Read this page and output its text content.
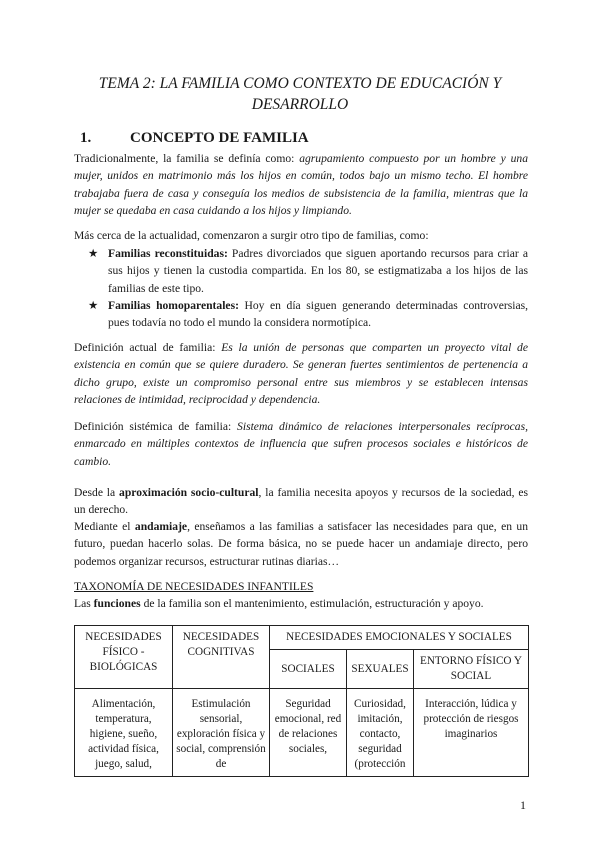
TEMA 2: LA FAMILIA COMO CONTEXTO DE EDUCACIÓN Y DESARROLLO
1.	CONCEPTO DE FAMILIA
Tradicionalmente, la familia se definía como: agrupamiento compuesto por un hombre y una mujer, unidos en matrimonio más los hijos en común, todos bajo un mismo techo. El hombre trabajaba fuera de casa y conseguía los medios de subsistencia de la familia, mientras que la mujer se quedaba en casa cuidando a los hijos y limpiando.
Más cerca de la actualidad, comenzaron a surgir otro tipo de familias, como:
★ Familias reconstituidas: Padres divorciados que siguen aportando recursos para criar a sus hijos y tienen la custodia compartida. En los 80, se estigmatizaba a los hijos de las familias de este tipo.
★ Familias homoparentales: Hoy en día siguen generando determinadas controversias, pues todavía no todo el mundo la considera normotípica.
Definición actual de familia: Es la unión de personas que comparten un proyecto vital de existencia en común que se quiere duradero. Se generan fuertes sentimientos de pertenencia a dicho grupo, existe un compromiso personal entre sus miembros y se establecen intensas relaciones de intimidad, reciprocidad y dependencia.
Definición sistémica de familia: Sistema dinámico de relaciones interpersonales recíprocas, enmarcado en múltiples contextos de influencia que sufren procesos sociales e históricos de cambio.
Desde la aproximación socio-cultural, la familia necesita apoyos y recursos de la sociedad, es un derecho.
Mediante el andamiaje, enseñamos a las familias a satisfacer las necesidades para que, en un futuro, puedan hacerlo solas. De forma básica, no se puede hacer un andamiaje directo, pero podemos organizar recursos, estructurar rutinas diarias…
TAXONOMÍA DE NECESIDADES INFANTILES
Las funciones de la familia son el mantenimiento, estimulación, estructuración y apoyo.
NECESIDADES FÍSICO - BIOLÓGICAS	NECESIDADES COGNITIVAS	NECESIDADES EMOCIONALES Y SOCIALES		
		SOCIALES	SEXUALES	ENTORNO FÍSICO Y SOCIAL
Alimentación, temperatura, higiene, sueño, actividad física, juego, salud,	Estimulación sensorial, exploración física y social, comprensión de	Seguridad emocional, red de relaciones sociales,	Curiosidad, imitación, contacto, seguridad (protección	Interacción, lúdica y protección de riesgos imaginarios
1
